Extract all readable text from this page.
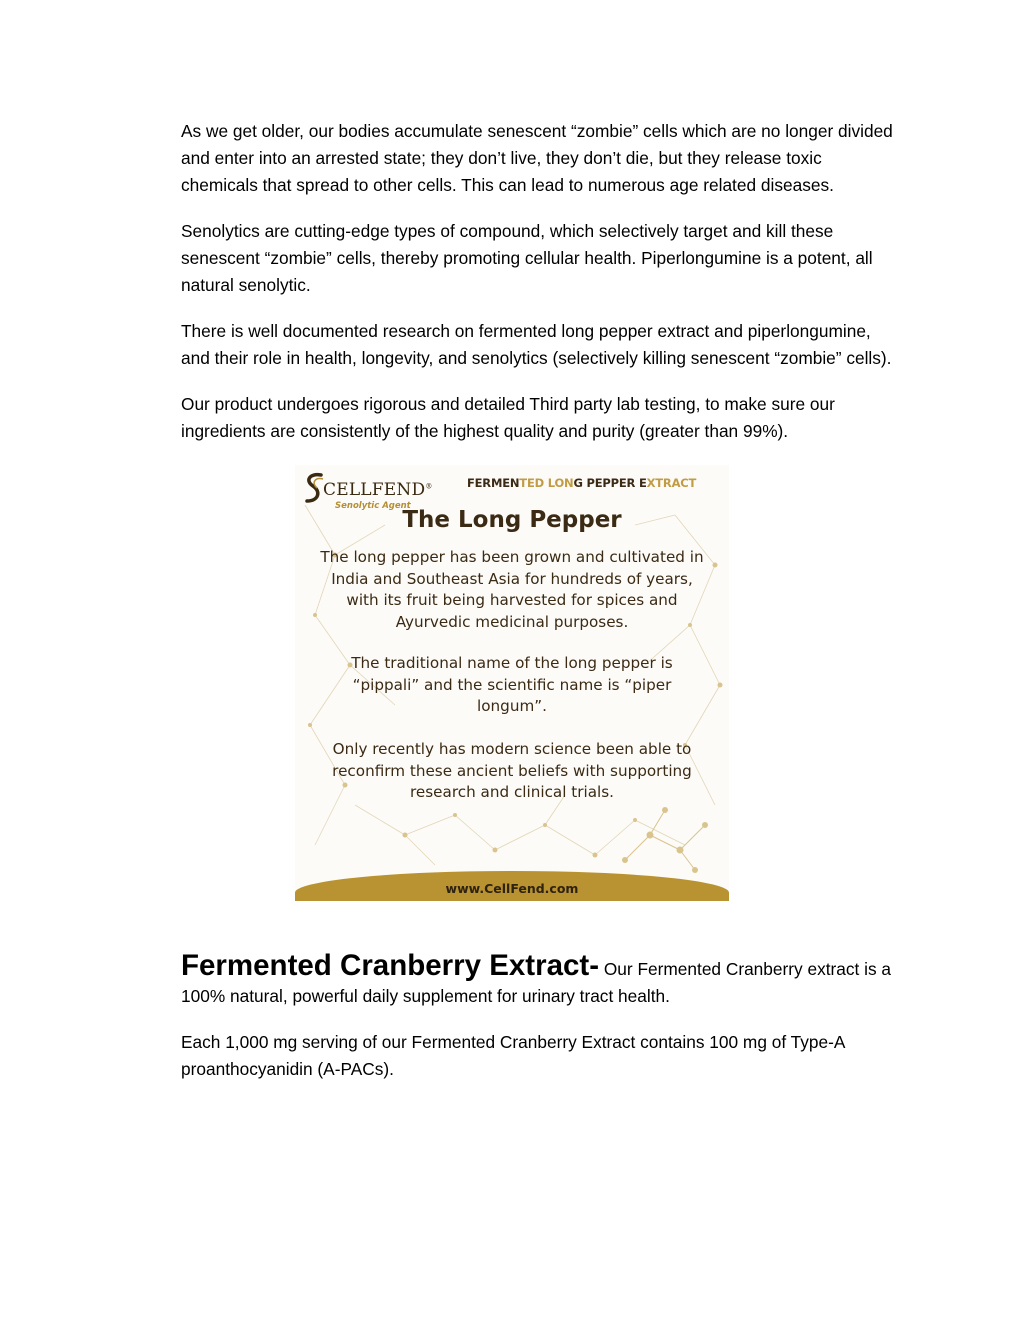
As we get older, our bodies accumulate senescent “zombie” cells which are no longer divided and enter into an arrested state; they don’t live, they don’t die, but they release toxic chemicals that spread to other cells. This can lead to numerous age related diseases.

Senolytics are cutting-edge types of compound, which selectively target and kill these senescent “zombie” cells, thereby promoting cellular health. Piperlongumine is a potent, all natural senolytic.

There is well documented research on fermented long pepper extract and piperlongumine, and their role in health, longevity, and senolytics (selectively killing senescent “zombie” cells).

Our product undergoes rigorous and detailed Third party lab testing, to make sure our ingredients are consistently of the highest quality and purity (greater than 99%).

CELLFEND®
Senolytic Agent
FERMENTED LONG PEPPER EXTRACT
The Long Pepper
The long pepper has been grown and cultivated in
India and Southeast Asia for hundreds of years,
with its fruit being harvested for spices and
Ayurvedic medicinal purposes.
The traditional name of the long pepper is
“pippali” and the scientific name is “piper
longum”.
Only recently has modern science been able to
reconfirm these ancient beliefs with supporting
research and clinical trials.
www.CellFend.com

Fermented Cranberry Extract- Our Fermented Cranberry extract is a 100% natural, powerful daily supplement for urinary tract health.

Each 1,000 mg serving of our Fermented Cranberry Extract contains 100 mg of Type-A proanthocyanidin (A-PACs).
